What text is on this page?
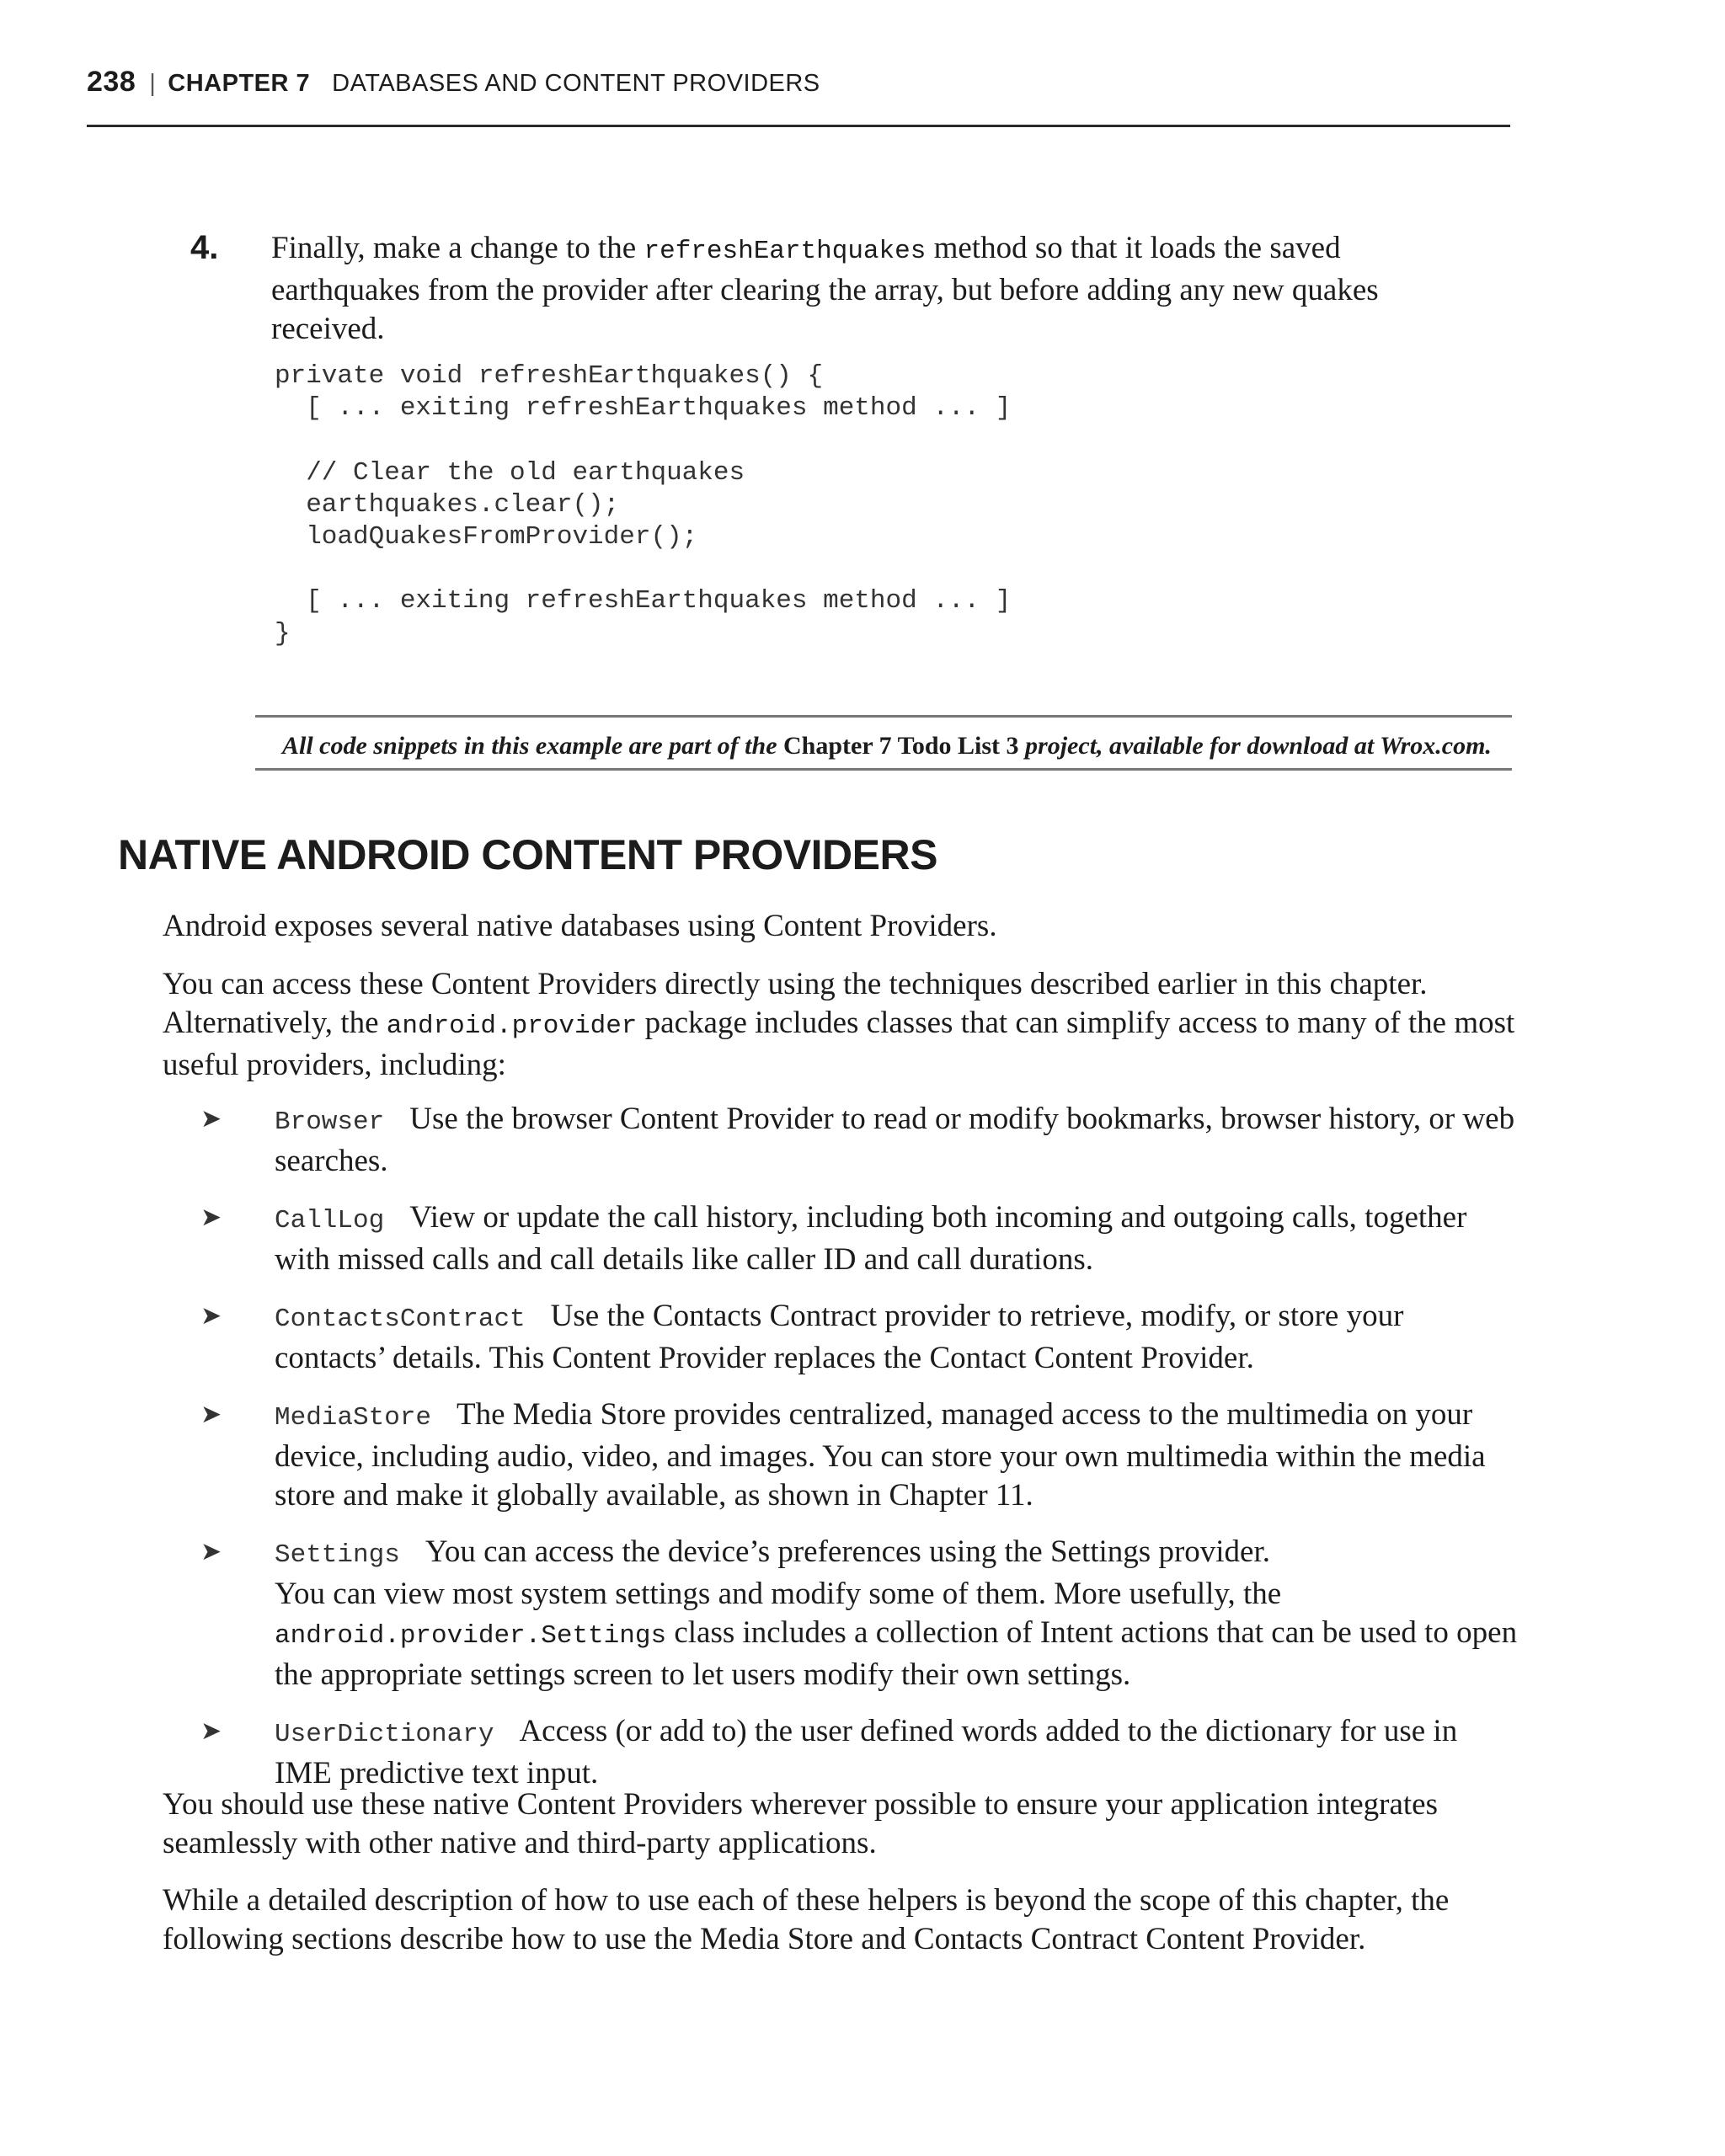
238 | CHAPTER 7 DATABASES AND CONTENT PROVIDERS
4. Finally, make a change to the refreshEarthquakes method so that it loads the saved earthquakes from the provider after clearing the array, but before adding any new quakes received.
private void refreshEarthquakes() {
[ ... exiting refreshEarthquakes method ... ]

// Clear the old earthquakes
earthquakes.clear();
loadQuakesFromProvider();

[ ... exiting refreshEarthquakes method ... ]
}
All code snippets in this example are part of the Chapter 7 Todo List 3 project, available for download at Wrox.com.
NATIVE ANDROID CONTENT PROVIDERS

Android exposes several native databases using Content Providers.

You can access these Content Providers directly using the techniques described earlier in this chapter. Alternatively, the android.provider package includes classes that can simplify access to many of the most useful providers, including:

➤ Browser Use the browser Content Provider to read or modify bookmarks, browser history, or web searches.
➤ CallLog View or update the call history, including both incoming and outgoing calls, together with missed calls and call details like caller ID and call durations.
➤ ContactsContract Use the Contacts Contract provider to retrieve, modify, or store your contacts’ details. This Content Provider replaces the Contact Content Provider.
➤ MediaStore The Media Store provides centralized, managed access to the multimedia on your device, including audio, video, and images. You can store your own multimedia within the media store and make it globally available, as shown in Chapter 11.
➤ Settings You can access the device’s preferences using the Settings provider.
You can view most system settings and modify some of them. More usefully, the android.provider.Settings class includes a collection of Intent actions that can be used to open the appropriate settings screen to let users modify their own settings.
➤ UserDictionary Access (or add to) the user defined words added to the dictionary for use in IME predictive text input.

You should use these native Content Providers wherever possible to ensure your application integrates seamlessly with other native and third-party applications.

While a detailed description of how to use each of these helpers is beyond the scope of this chapter, the following sections describe how to use the Media Store and Contacts Contract Content Provider.
